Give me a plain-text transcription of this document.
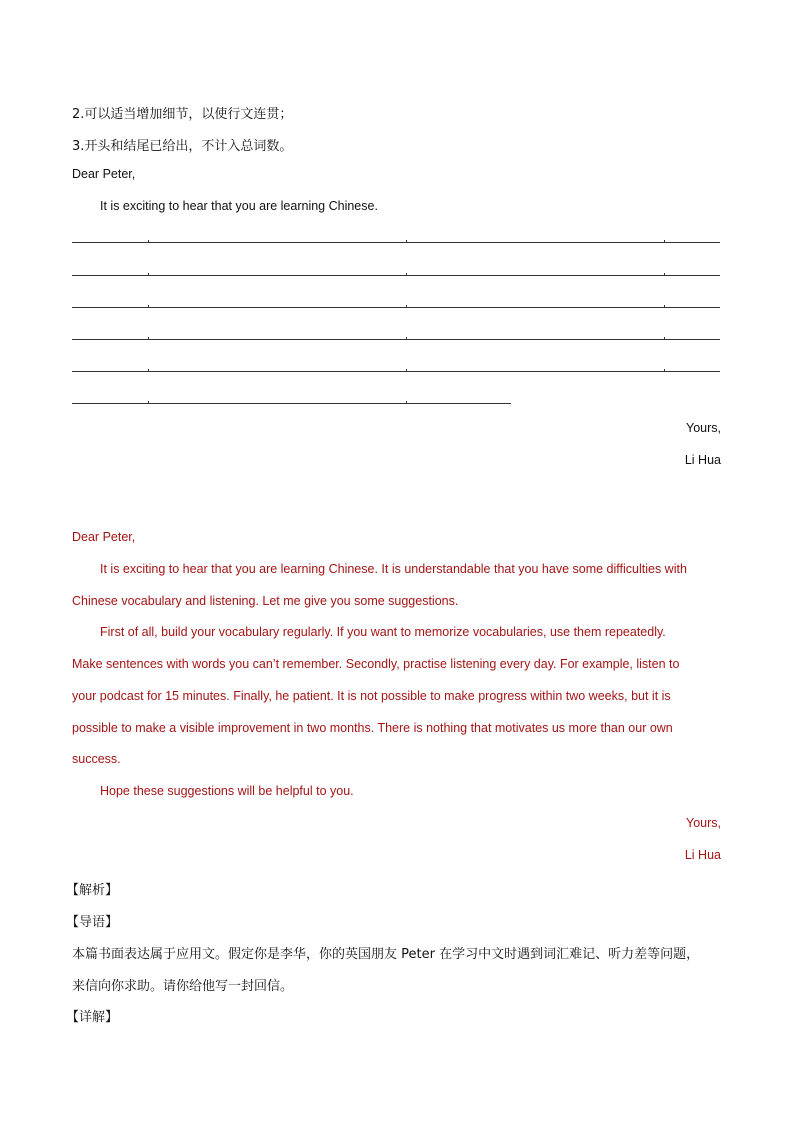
2.可以适当增加细节，以使行文连贯；
3.开头和结尾已给出，不计入总词数。
Dear Peter,
It is exciting to hear that you are learning Chinese.
Yours,
Li Hua
Dear Peter,
It is exciting to hear that you are learning Chinese. It is understandable that you have some difficulties with
Chinese vocabulary and listening. Let me give you some suggestions.
First of all, build your vocabulary regularly. If you want to memorize vocabularies, use them repeatedly.
Make sentences with words you can’t remember. Secondly, practise listening every day. For example, listen to
your podcast for 15 minutes. Finally, he patient. It is not possible to make progress within two weeks, but it is
possible to make a visible improvement in two months. There is nothing that motivates us more than our own
success.
Hope these suggestions will be helpful to you.
Yours,
Li Hua
【解析】
【导语】
本篇书面表达属于应用文。假定你是李华，你的英国朋友 Peter 在学习中文时遇到词汇难记、听力差等问题，
来信向你求助。请你给他写一封回信。
【详解】
